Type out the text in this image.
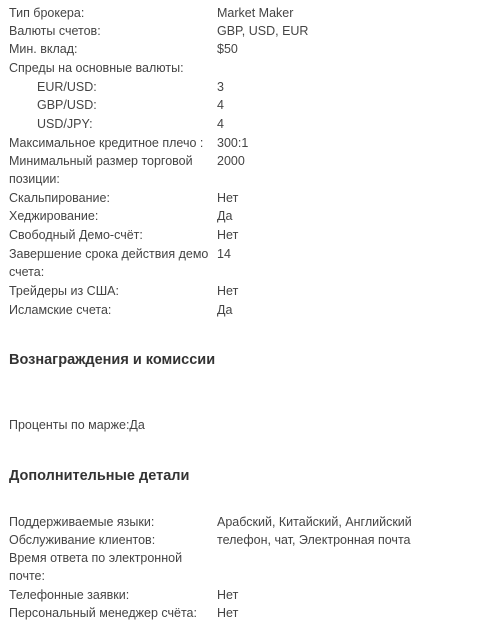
Тип брокера:	Market Maker
Валюты счетов:	GBP, USD, EUR
Мин. вклад:	$50
Спреды на основные валюты:
EUR/USD:	3
GBP/USD:	4
USD/JPY:	4
Максимальное кредитное плечо : 300:1
Минимальный размер торговой позиции:
2000
Скальпирование:	Нет
Хеджирование:	Да
Свободный Демо-счёт:	Нет
Завершение срока действия демо счета:
14
Трейдеры из США:	Нет
Исламские счета:	Да
Вознаграждения и комиссии
Проценты по марже:Да
Дополнительные детали
Поддерживаемые языки:	Арабский, Китайский, Английский
Обслуживание клиентов:	телефон, чат, Электронная почта
Время ответа по электронной почте:
Телефонные заявки:	Нет
Персональный менеджер счёта: Нет
